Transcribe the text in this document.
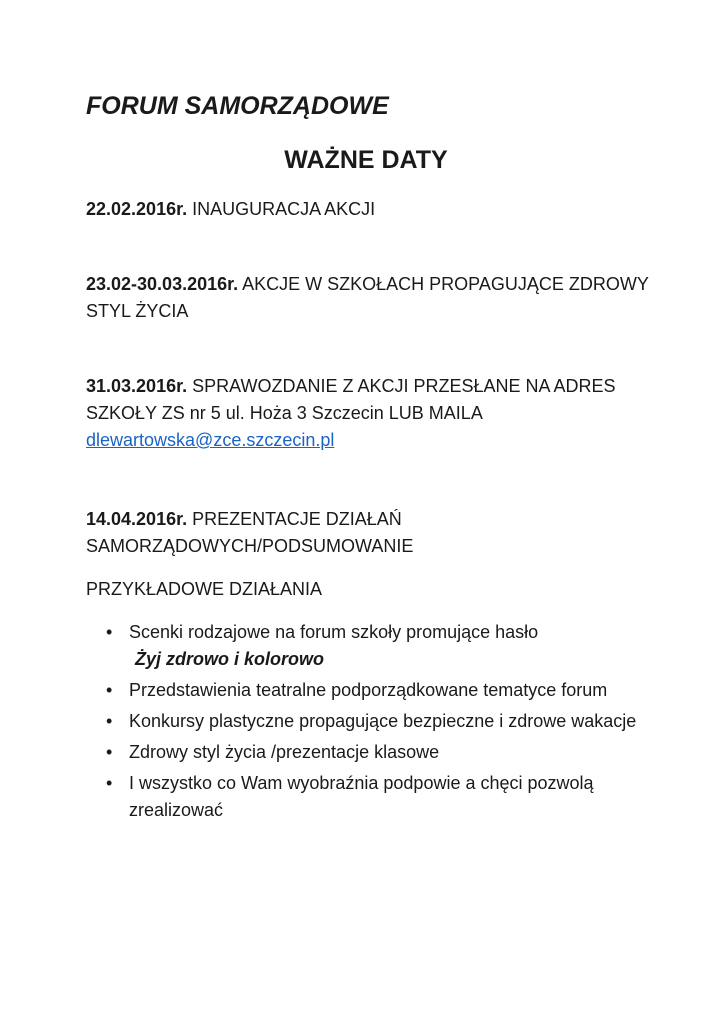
FORUM SAMORZĄDOWE
WAŻNE DATY

22.02.2016r. INAUGURACJA AKCJI

23.02-30.03.2016r. AKCJE W SZKOŁACH PROPAGUJĄCE ZDROWY STYL ŻYCIA

31.03.2016r. SPRAWOZDANIE Z AKCJI PRZESŁANE NA ADRES SZKOŁY ZS nr 5 ul. Hoża 3 Szczecin LUB MAILA
dlewartowska@zce.szczecin.pl

14.04.2016r. PREZENTACJE DZIAŁAŃ SAMORZĄDOWYCH/PODSUMOWANIE

PRZYKŁADOWE DZIAŁANIA

• Scenki rodzajowe na forum szkoły promujące hasło
Żyj zdrowo i kolorowo
• Przedstawienia teatralne podporządkowane tematyce forum
• Konkursy plastyczne propagujące bezpieczne i zdrowe wakacje
• Zdrowy styl życia /prezentacje klasowe
• I wszystko co Wam wyobraźnia podpowie a chęci pozwolą zrealizować
